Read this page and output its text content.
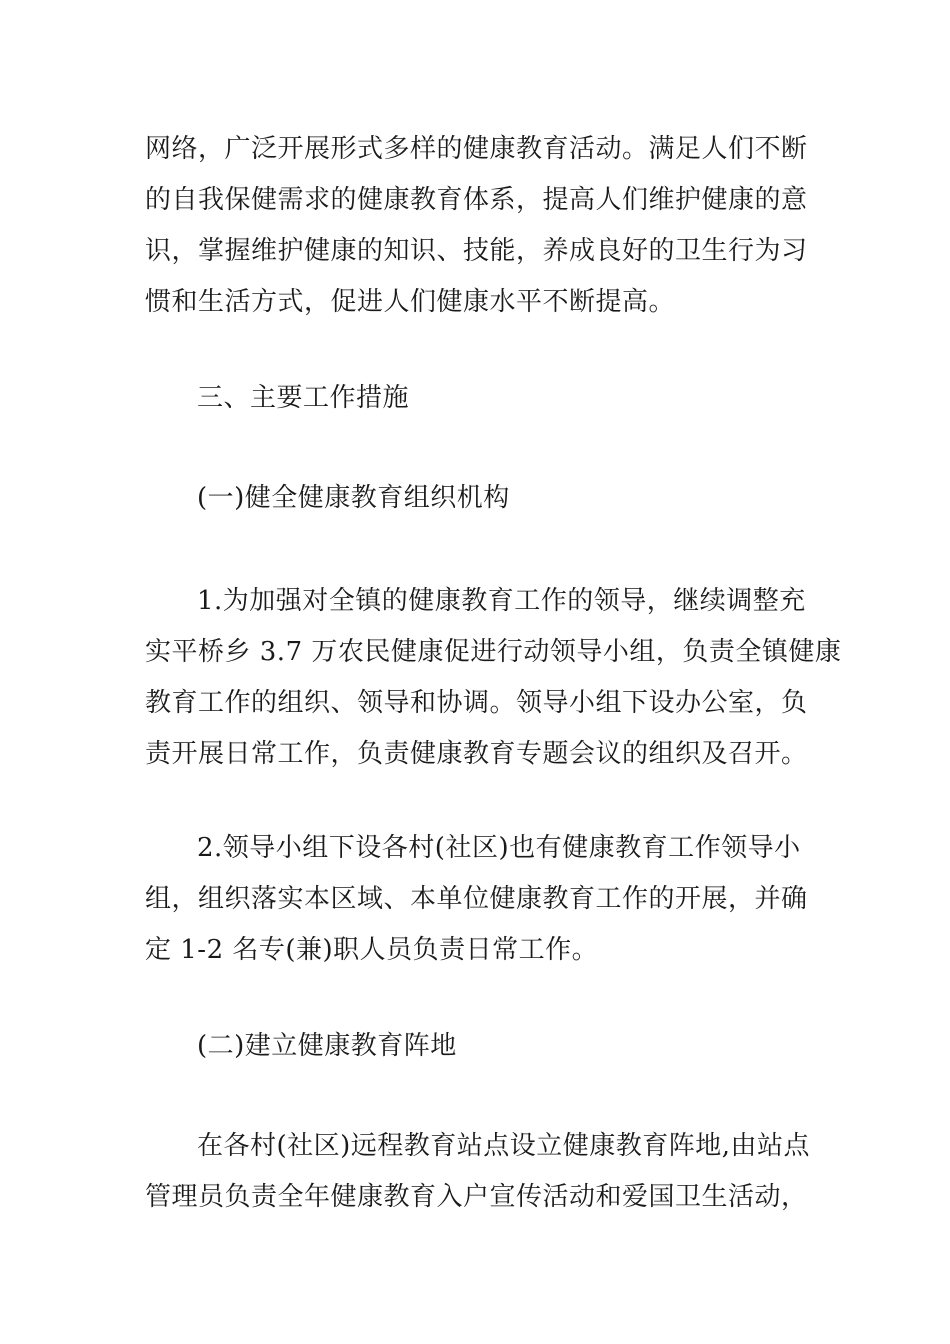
网络，广泛开展形式多样的健康教育活动。满足人们不断
的自我保健需求的健康教育体系，提高人们维护健康的意
识，掌握维护健康的知识、技能，养成良好的卫生行为习
惯和生活方式，促进人们健康水平不断提高。

三、主要工作措施
(一)健全健康教育组织机构

1.为加强对全镇的健康教育工作的领导，继续调整充
实平桥乡 3.7 万农民健康促进行动领导小组，负责全镇健康
教育工作的组织、领导和协调。领导小组下设办公室，负
责开展日常工作，负责健康教育专题会议的组织及召开。

2.领导小组下设各村(社区)也有健康教育工作领导小
组，组织落实本区域、本单位健康教育工作的开展，并确
定 1-2 名专(兼)职人员负责日常工作。

(二)建立健康教育阵地

在各村(社区)远程教育站点设立健康教育阵地,由站点
管理员负责全年健康教育入户宣传活动和爱国卫生活动，
